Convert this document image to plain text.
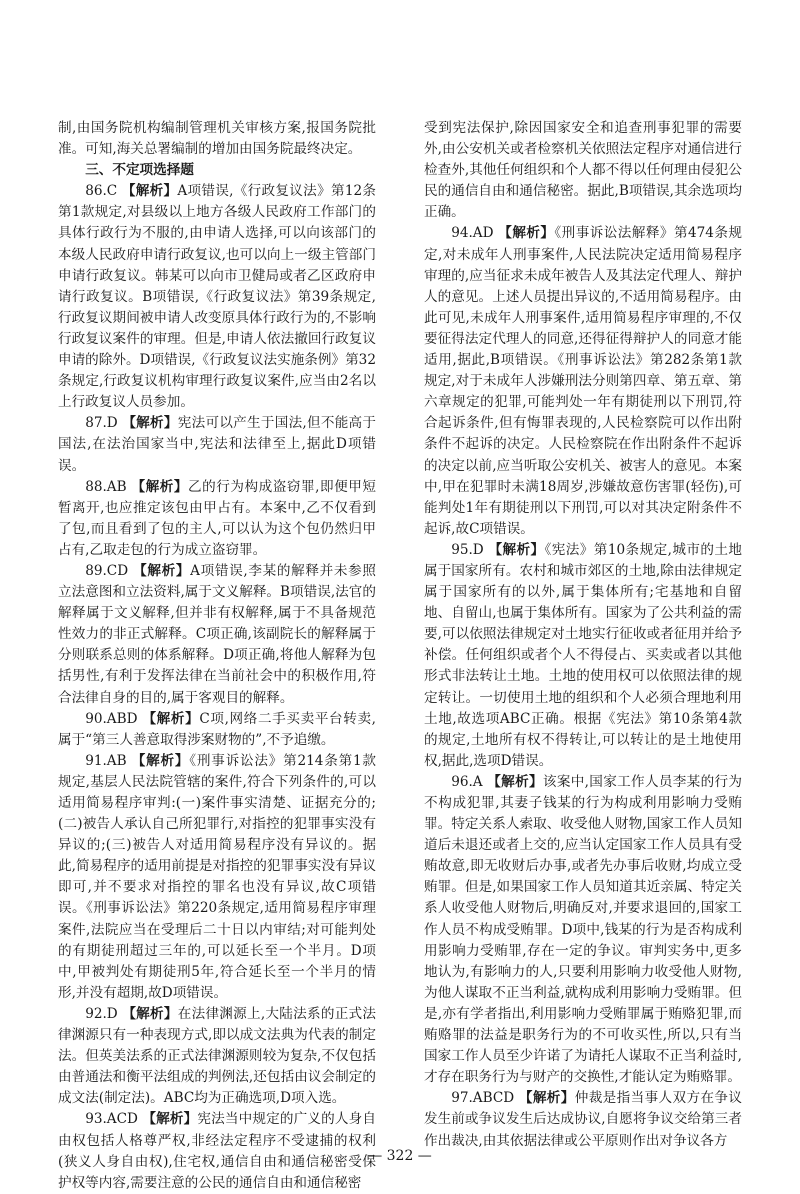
制,由国务院机构编制管理机关审核方案,报国务院批准。可知,海关总署编制的增加由国务院最终决定。

三、不定项选择题

86.C 【解析】A项错误,《行政复议法》第12条第1款规定,对县级以上地方各级人民政府工作部门的具体行政行为不服的,由申请人选择,可以向该部门的本级人民政府申请行政复议,也可以向上一级主管部门申请行政复议。韩某可以向市卫健局或者乙区政府申请行政复议。B项错误,《行政复议法》第39条规定,行政复议期间被申请人改变原具体行政行为的,不影响行政复议案件的审理。但是,申请人依法撤回行政复议申请的除外。D项错误,《行政复议法实施条例》第32条规定,行政复议机构审理行政复议案件,应当由2名以上行政复议人员参加。

87.D 【解析】宪法可以产生于国法,但不能高于国法,在法治国家当中,宪法和法律至上,据此D项错误。

88.AB 【解析】乙的行为构成盗窃罪,即便甲短暂离开,也应推定该包由甲占有。本案中,乙不仅看到了包,而且看到了包的主人,可以认为这个包仍然归甲占有,乙取走包的行为成立盗窃罪。

89.CD 【解析】A项错误,李某的解释并未参照立法意图和立法资料,属于文义解释。B项错误,法官的解释属于文义解释,但并非有权解释,属于不具备规范性效力的非正式解释。C项正确,该副院长的解释属于分则联系总则的体系解释。D项正确,将他人解释为包括男性,有利于发挥法律在当前社会中的积极作用,符合法律自身的目的,属于客观目的解释。

90.ABD 【解析】C项,网络二手买卖平台转卖,属于“第三人善意取得涉案财物的”,不予追缴。

91.AB 【解析】《刑事诉讼法》第214条第1款规定,基层人民法院管辖的案件,符合下列条件的,可以适用简易程序审判:(一)案件事实清楚、证据充分的;(二)被告人承认自己所犯罪行,对指控的犯罪事实没有异议的;(三)被告人对适用简易程序没有异议的。据此,简易程序的适用前提是对指控的犯罪事实没有异议即可,并不要求对指控的罪名也没有异议,故C项错误。《刑事诉讼法》第220条规定,适用简易程序审理案件,法院应当在受理后二十日以内审结;对可能判处的有期徒刑超过三年的,可以延长至一个半月。D项中,甲被判处有期徒刑5年,符合延长至一个半月的情形,并没有超期,故D项错误。

92.D 【解析】在法律渊源上,大陆法系的正式法律渊源只有一种表现方式,即以成文法典为代表的制定法。但英美法系的正式法律渊源则较为复杂,不仅包括由普通法和衡平法组成的判例法,还包括由议会制定的成文法(制定法)。ABC均为正确选项,D项入选。

93.ACD 【解析】宪法当中规定的广义的人身自由权包括人格尊严权,非经法定程序不受逮捕的权利(狭义人身自由权),住宅权,通信自由和通信秘密受保护权等内容,需要注意的公民的通信自由和通信秘密

受到宪法保护,除因国家安全和追查刑事犯罪的需要外,由公安机关或者检察机关依照法定程序对通信进行检查外,其他任何组织和个人都不得以任何理由侵犯公民的通信自由和通信秘密。据此,B项错误,其余选项均正确。

94.AD 【解析】《刑事诉讼法解释》第474条规定,对未成年人刑事案件,人民法院决定适用简易程序审理的,应当征求未成年被告人及其法定代理人、辩护人的意见。上述人员提出异议的,不适用简易程序。由此可见,未成年人刑事案件,适用简易程序审理的,不仅要征得法定代理人的同意,还得征得辩护人的同意才能适用,据此,B项错误。《刑事诉讼法》第282条第1款规定,对于未成年人涉嫌刑法分则第四章、第五章、第六章规定的犯罪,可能判处一年有期徒刑以下刑罚,符合起诉条件,但有悔罪表现的,人民检察院可以作出附条件不起诉的决定。人民检察院在作出附条件不起诉的决定以前,应当听取公安机关、被害人的意见。本案中,甲在犯罪时未满18周岁,涉嫌故意伤害罪(轻伤),可能判处1年有期徒刑以下刑罚,可以对其决定附条件不起诉,故C项错误。

95.D 【解析】《宪法》第10条规定,城市的土地属于国家所有。农村和城市郊区的土地,除由法律规定属于国家所有的以外,属于集体所有;宅基地和自留地、自留山,也属于集体所有。国家为了公共利益的需要,可以依照法律规定对土地实行征收或者征用并给予补偿。任何组织或者个人不得侵占、买卖或者以其他形式非法转让土地。土地的使用权可以依照法律的规定转让。一切使用土地的组织和个人必须合理地利用土地,故选项ABC正确。根据《宪法》第10条第4款的规定,土地所有权不得转让,可以转让的是土地使用权,据此,选项D错误。

96.A 【解析】该案中,国家工作人员李某的行为不构成犯罪,其妻子钱某的行为构成利用影响力受贿罪。特定关系人索取、收受他人财物,国家工作人员知道后未退还或者上交的,应当认定国家工作人员具有受贿故意,即无收财后办事,或者先办事后收财,均成立受贿罪。但是,如果国家工作人员知道其近亲属、特定关系人收受他人财物后,明确反对,并要求退回的,国家工作人员不构成受贿罪。D项中,钱某的行为是否构成利用影响力受贿罪,存在一定的争议。审判实务中,更多地认为,有影响力的人,只要利用影响力收受他人财物,为他人谋取不正当利益,就构成利用影响力受贿罪。但是,亦有学者指出,利用影响力受贿罪属于贿赂犯罪,而贿赂罪的法益是职务行为的不可收买性,所以,只有当国家工作人员至少许诺了为请托人谋取不正当利益时,才存在职务行为与财产的交换性,才能认定为贿赂罪。

97.ABCD 【解析】仲裁是指当事人双方在争议发生前或争议发生后达成协议,自愿将争议交给第三者作出裁决,由其依据法律或公平原则作出对争议各方

— 322 —
